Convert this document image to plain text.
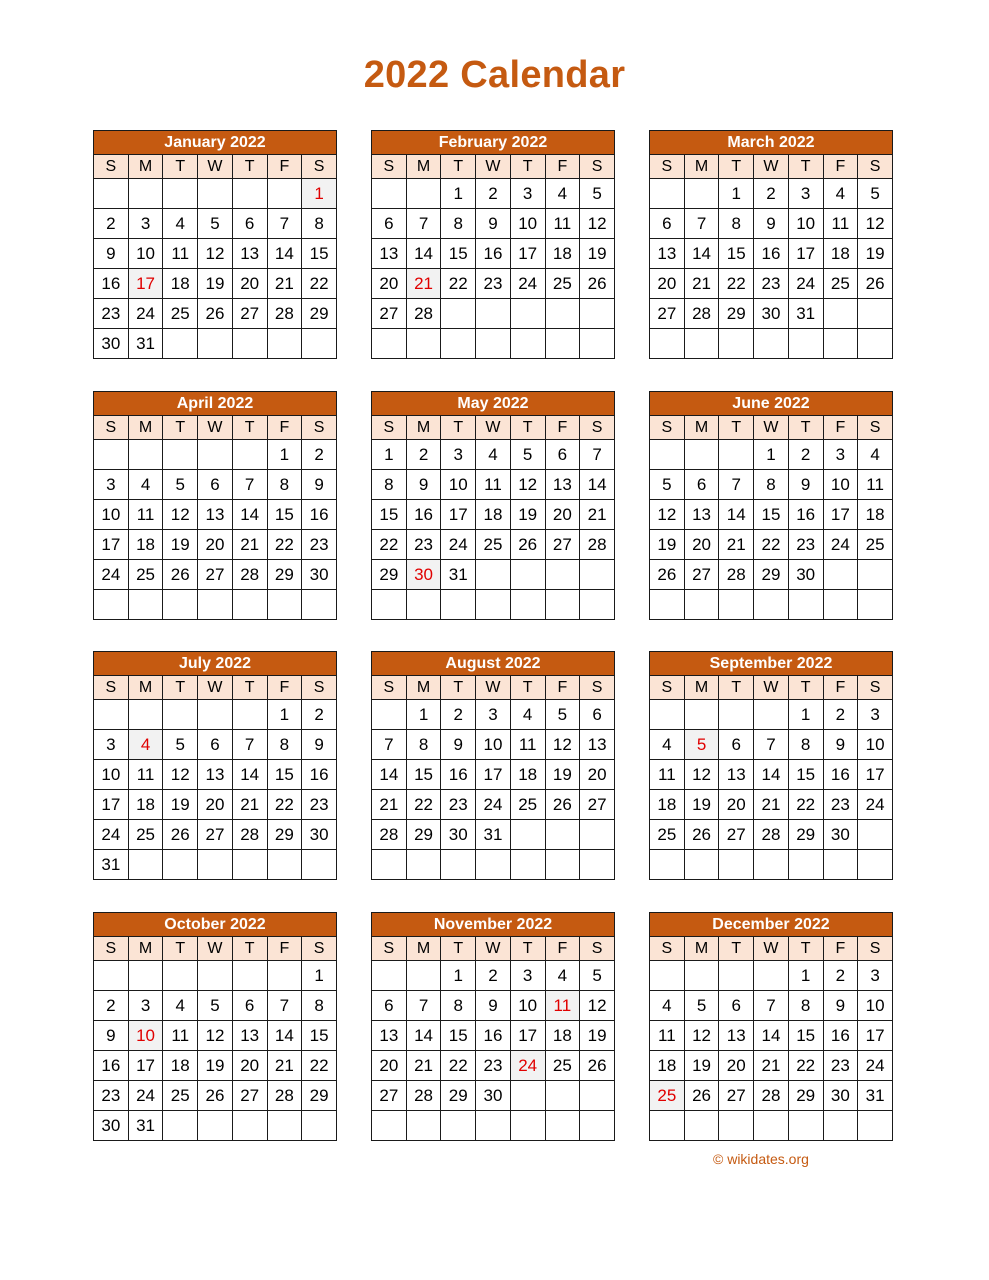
2022 Calendar
January 2022						
S	M	T	W	T	F	S
						1
2	3	4	5	6	7	8
9	10	11	12	13	14	15
16	17	18	19	20	21	22
23	24	25	26	27	28	29
30	31					
February 2022						
S	M	T	W	T	F	S
		1	2	3	4	5
6	7	8	9	10	11	12
13	14	15	16	17	18	19
20	21	22	23	24	25	26
27	28					

March 2022						
S	M	T	W	T	F	S
		1	2	3	4	5
6	7	8	9	10	11	12
13	14	15	16	17	18	19
20	21	22	23	24	25	26
27	28	29	30	31		

April 2022						
S	M	T	W	T	F	S
					1	2
3	4	5	6	7	8	9
10	11	12	13	14	15	16
17	18	19	20	21	22	23
24	25	26	27	28	29	30

May 2022						
S	M	T	W	T	F	S
1	2	3	4	5	6	7
8	9	10	11	12	13	14
15	16	17	18	19	20	21
22	23	24	25	26	27	28
29	30	31				

June 2022						
S	M	T	W	T	F	S
			1	2	3	4
5	6	7	8	9	10	11
12	13	14	15	16	17	18
19	20	21	22	23	24	25
26	27	28	29	30		

July 2022						
S	M	T	W	T	F	S
					1	2
3	4	5	6	7	8	9
10	11	12	13	14	15	16
17	18	19	20	21	22	23
24	25	26	27	28	29	30
31						
August 2022						
S	M	T	W	T	F	S
	1	2	3	4	5	6
7	8	9	10	11	12	13
14	15	16	17	18	19	20
21	22	23	24	25	26	27
28	29	30	31			

September 2022						
S	M	T	W	T	F	S
				1	2	3
4	5	6	7	8	9	10
11	12	13	14	15	16	17
18	19	20	21	22	23	24
25	26	27	28	29	30	

October 2022						
S	M	T	W	T	F	S
						1
2	3	4	5	6	7	8
9	10	11	12	13	14	15
16	17	18	19	20	21	22
23	24	25	26	27	28	29
30	31					
November 2022						
S	M	T	W	T	F	S
		1	2	3	4	5
6	7	8	9	10	11	12
13	14	15	16	17	18	19
20	21	22	23	24	25	26
27	28	29	30			

December 2022						
S	M	T	W	T	F	S
				1	2	3
4	5	6	7	8	9	10
11	12	13	14	15	16	17
18	19	20	21	22	23	24
25	26	27	28	29	30	31

© wikidates.org
